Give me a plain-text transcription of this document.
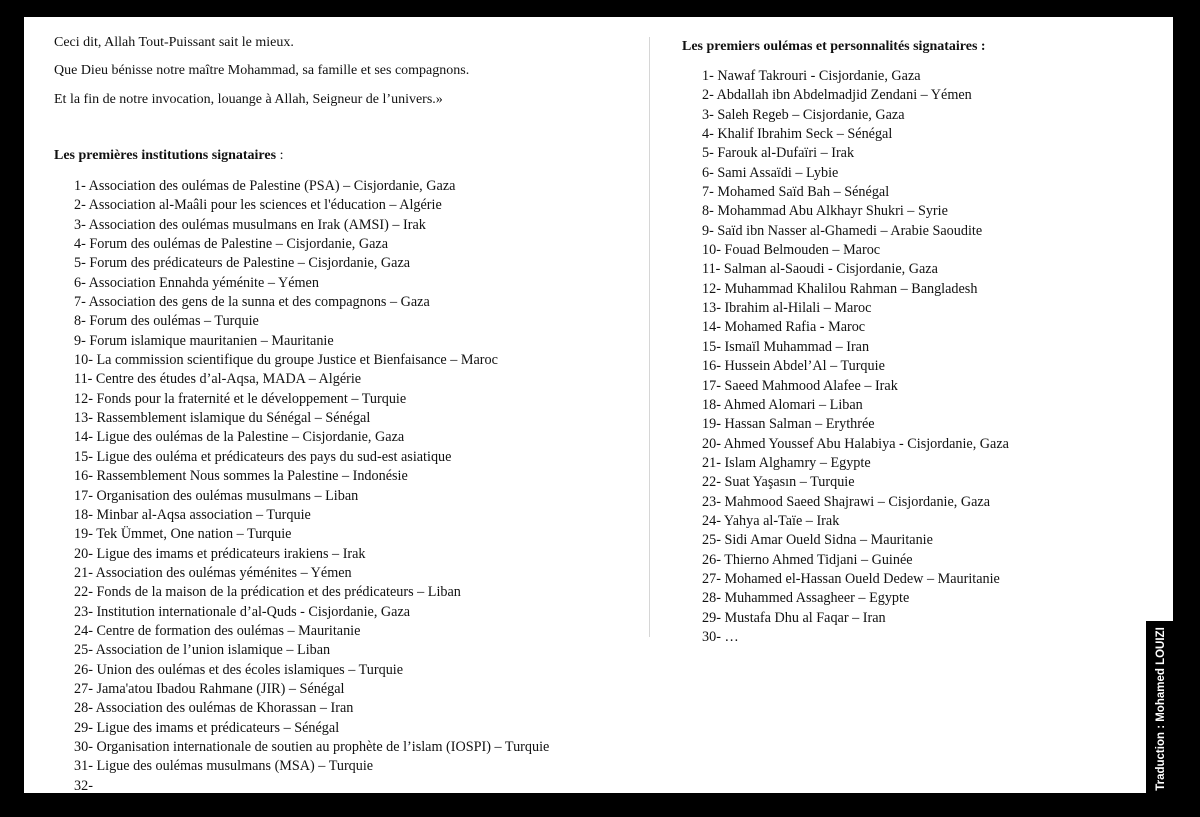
Ceci dit, Allah Tout-Puissant sait le mieux.

Que Dieu bénisse notre maître Mohammad, sa famille et ses compagnons.

Et la fin de notre invocation, louange à Allah, Seigneur de l’univers.»

Les premières institutions signataires :
1- Association des oulémas de Palestine (PSA) – Cisjordanie, Gaza
2- Association al-Maâli pour les sciences et l'éducation – Algérie
3- Association des oulémas musulmans en Irak (AMSI) – Irak
4- Forum des oulémas de Palestine – Cisjordanie, Gaza
5- Forum des prédicateurs de Palestine – Cisjordanie, Gaza
6- Association Ennahda yéménite – Yémen
7- Association des gens de la sunna et des compagnons – Gaza
8- Forum des oulémas – Turquie
9- Forum islamique mauritanien – Mauritanie
10- La commission scientifique du groupe Justice et Bienfaisance – Maroc
11- Centre des études d’al-Aqsa, MADA – Algérie
12- Fonds pour la fraternité et le développement – Turquie
13- Rassemblement islamique du Sénégal – Sénégal
14- Ligue des oulémas de la Palestine – Cisjordanie, Gaza
15- Ligue des ouléma et prédicateurs des pays du sud-est asiatique
16- Rassemblement Nous sommes la Palestine – Indonésie
17- Organisation des oulémas musulmans – Liban
18- Minbar al-Aqsa association – Turquie
19- Tek Ümmet, One nation – Turquie
20- Ligue des imams et prédicateurs irakiens – Irak
21- Association des oulémas yéménites – Yémen
22- Fonds de la maison de la prédication et des prédicateurs – Liban
23- Institution internationale d’al-Quds - Cisjordanie, Gaza
24- Centre de formation des oulémas – Mauritanie
25- Association de l’union islamique – Liban
26- Union des oulémas et des écoles islamiques – Turquie
27- Jama'atou Ibadou Rahmane (JIR) – Sénégal
28- Association des oulémas de Khorassan – Iran
29- Ligue des imams et prédicateurs – Sénégal
30- Organisation internationale de soutien au prophète de l’islam (IOSPI) – Turquie
31- Ligue des oulémas musulmans (MSA) – Turquie
32-
Les premiers oulémas et personnalités signataires :
1- Nawaf Takrouri - Cisjordanie, Gaza
2- Abdallah ibn Abdelmadjid Zendani – Yémen
3- Saleh Regeb – Cisjordanie, Gaza
4- Khalif Ibrahim Seck – Sénégal
5- Farouk al-Dufaïri – Irak
6- Sami Assaïdi – Lybie
7- Mohamed Saïd Bah – Sénégal
8- Mohammad Abu Alkhayr Shukri – Syrie
9- Saïd ibn Nasser al-Ghamedi – Arabie Saoudite
10- Fouad Belmouden – Maroc
11- Salman al-Saoudi - Cisjordanie, Gaza
12- Muhammad Khalilou Rahman – Bangladesh
13- Ibrahim al-Hilali – Maroc
14- Mohamed Rafia - Maroc
15- Ismaïl Muhammad – Iran
16- Hussein Abdel’Al – Turquie
17- Saeed Mahmood Alafee – Irak
18- Ahmed Alomari – Liban
19- Hassan Salman – Erythrée
20- Ahmed Youssef Abu Halabiya - Cisjordanie, Gaza
21- Islam Alghamry – Egypte
22- Suat Yaşasın – Turquie
23- Mahmood Saeed Shajrawi – Cisjordanie, Gaza
24- Yahya al-Taïe – Irak
25- Sidi Amar Oueld Sidna – Mauritanie
26- Thierno Ahmed Tidjani – Guinée
27- Mohamed el-Hassan Oueld Dedew – Mauritanie
28- Muhammed Assagheer – Egypte
29- Mustafa Dhu al Faqar – Iran
30- …	Traduction : Mohamed LOUIZI
